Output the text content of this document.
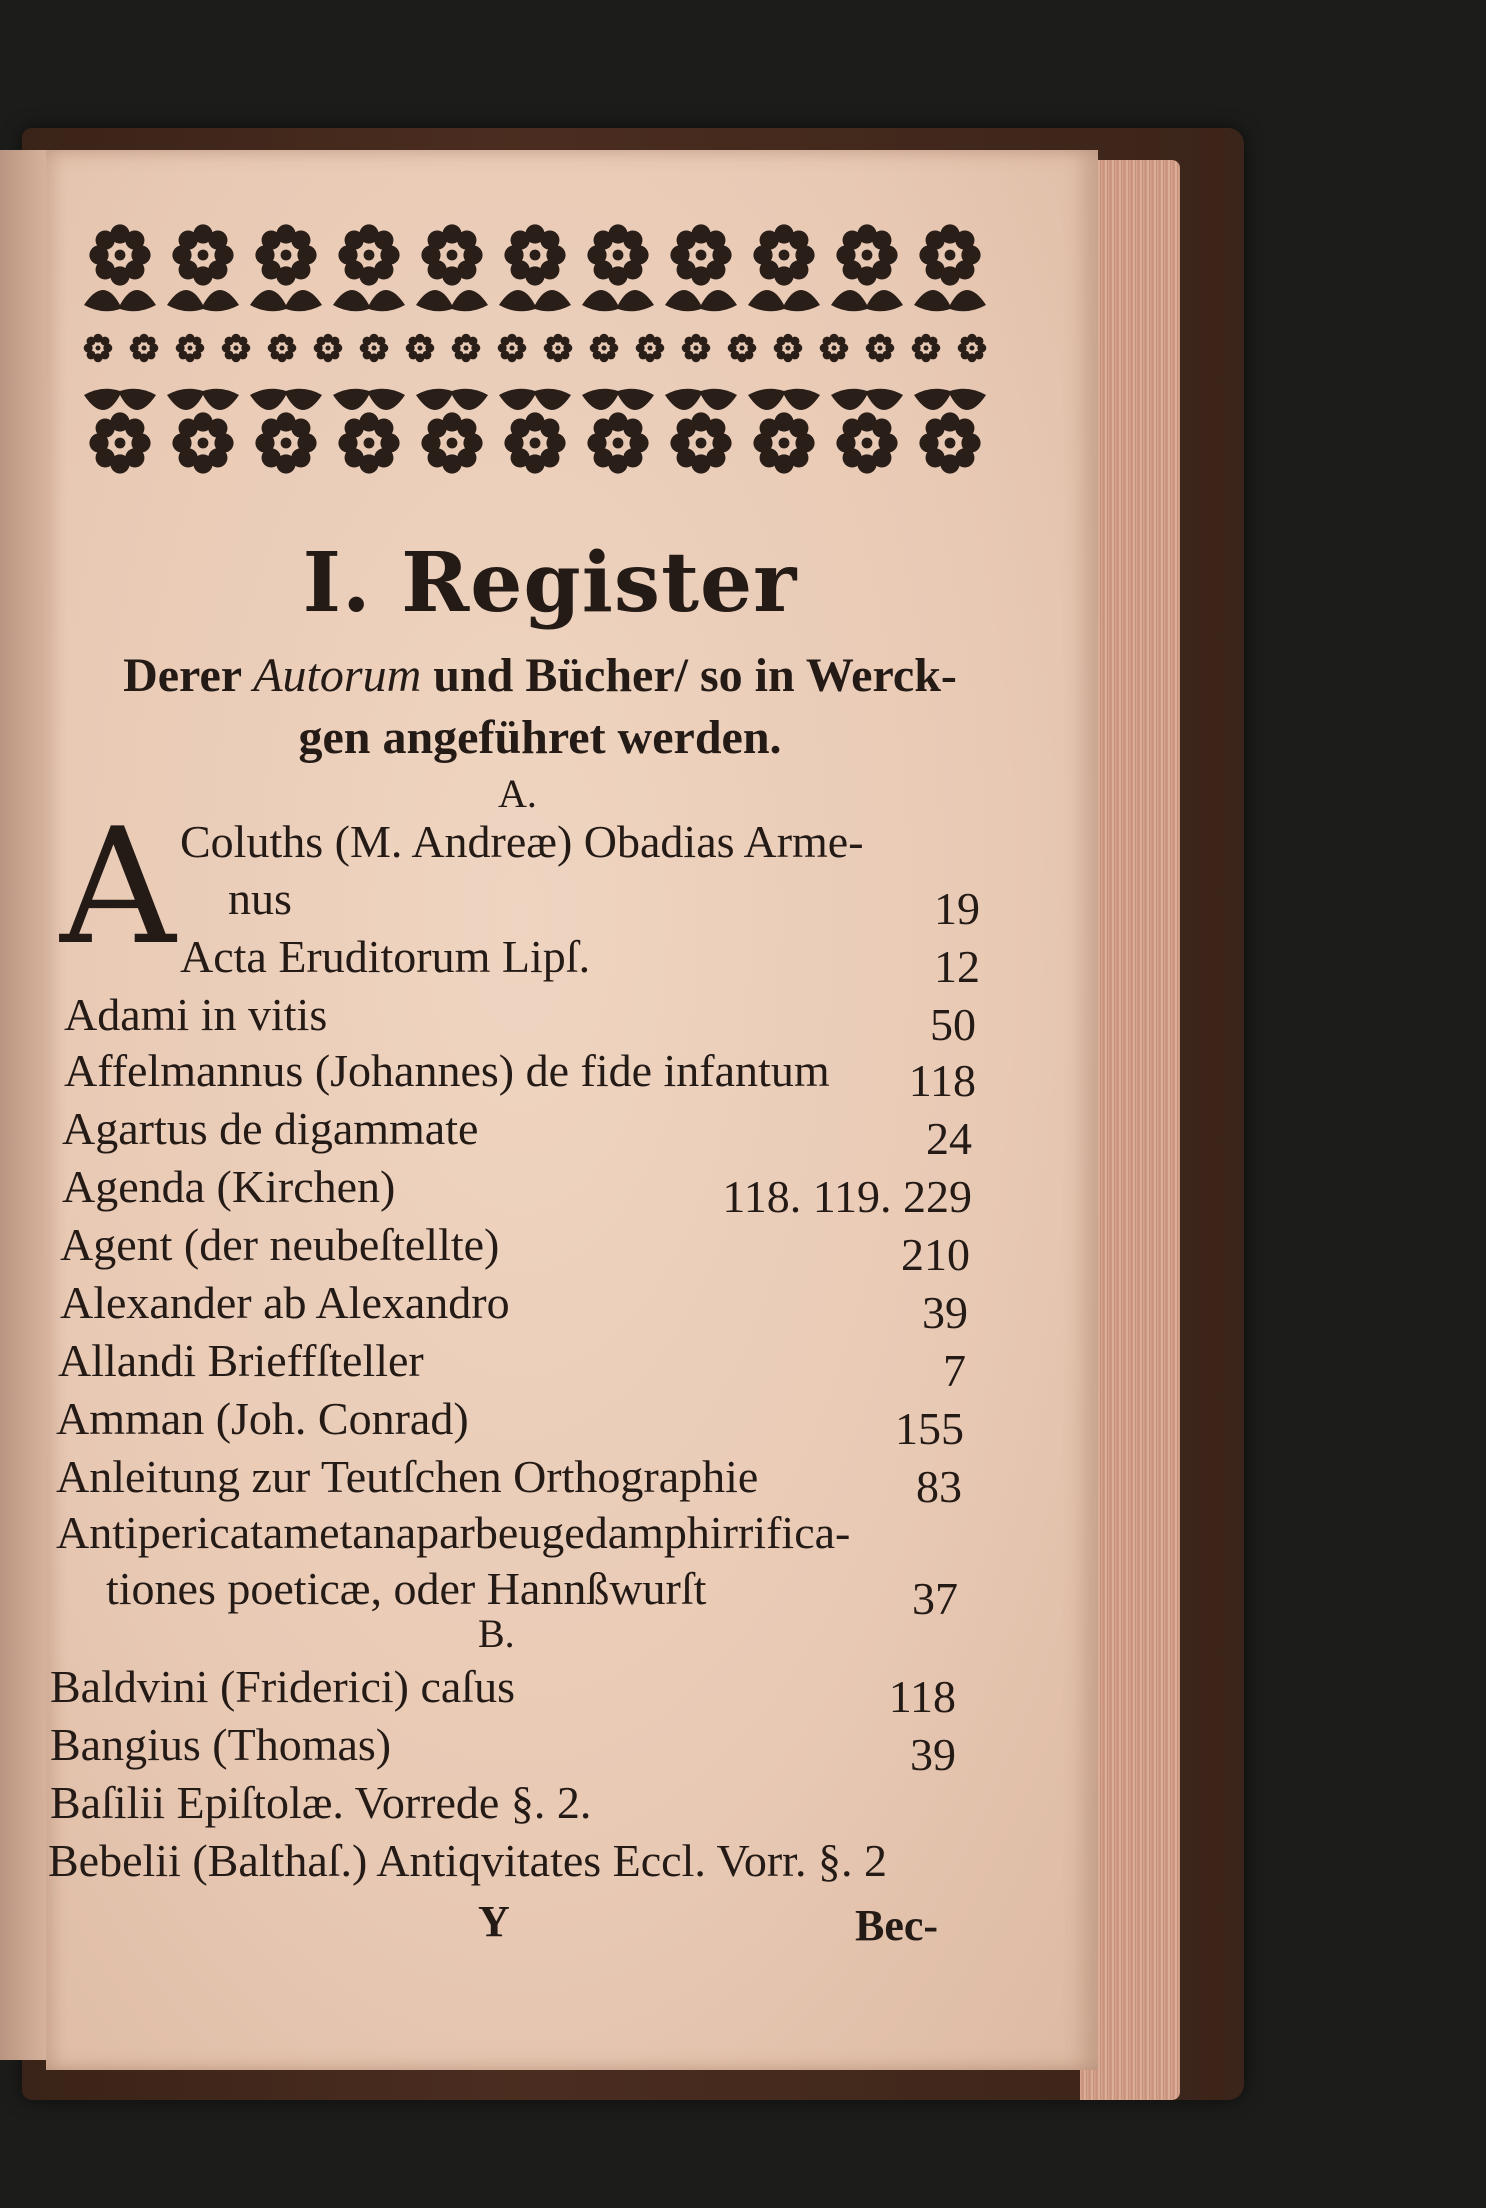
I. Register
Derer Autorum und Bücher/ so in Werck-
gen angeführet werden.
A.
A Coluths (M. Andreæ) Obadias Arme-
nus	19
Acta Eruditorum Lipſ.	12
Adami in vitis	50
Affelmannus (Johannes) de fide infantum 118
Agartus de digammate	24
Agenda (Kirchen)	118. 119. 229
Agent (der neubeſtellte)	210
Alexander ab Alexandro	39
Allandi Brieffſteller	7
Amman (Joh. Conrad)	155
Anleitung zur Teutſchen Orthographie	83
Antipericatametanaparbeugedamphirrifica-
tiones poeticæ, oder Hannßwurſt	37
B.
Baldvini (Friderici) caſus	118
Bangius (Thomas)	39
Baſilii Epiſtolæ. Vorrede §. 2.
Bebelii (Balthaſ.) Antiqvitates Eccl. Vorr. §. 2
Y	Bec-
